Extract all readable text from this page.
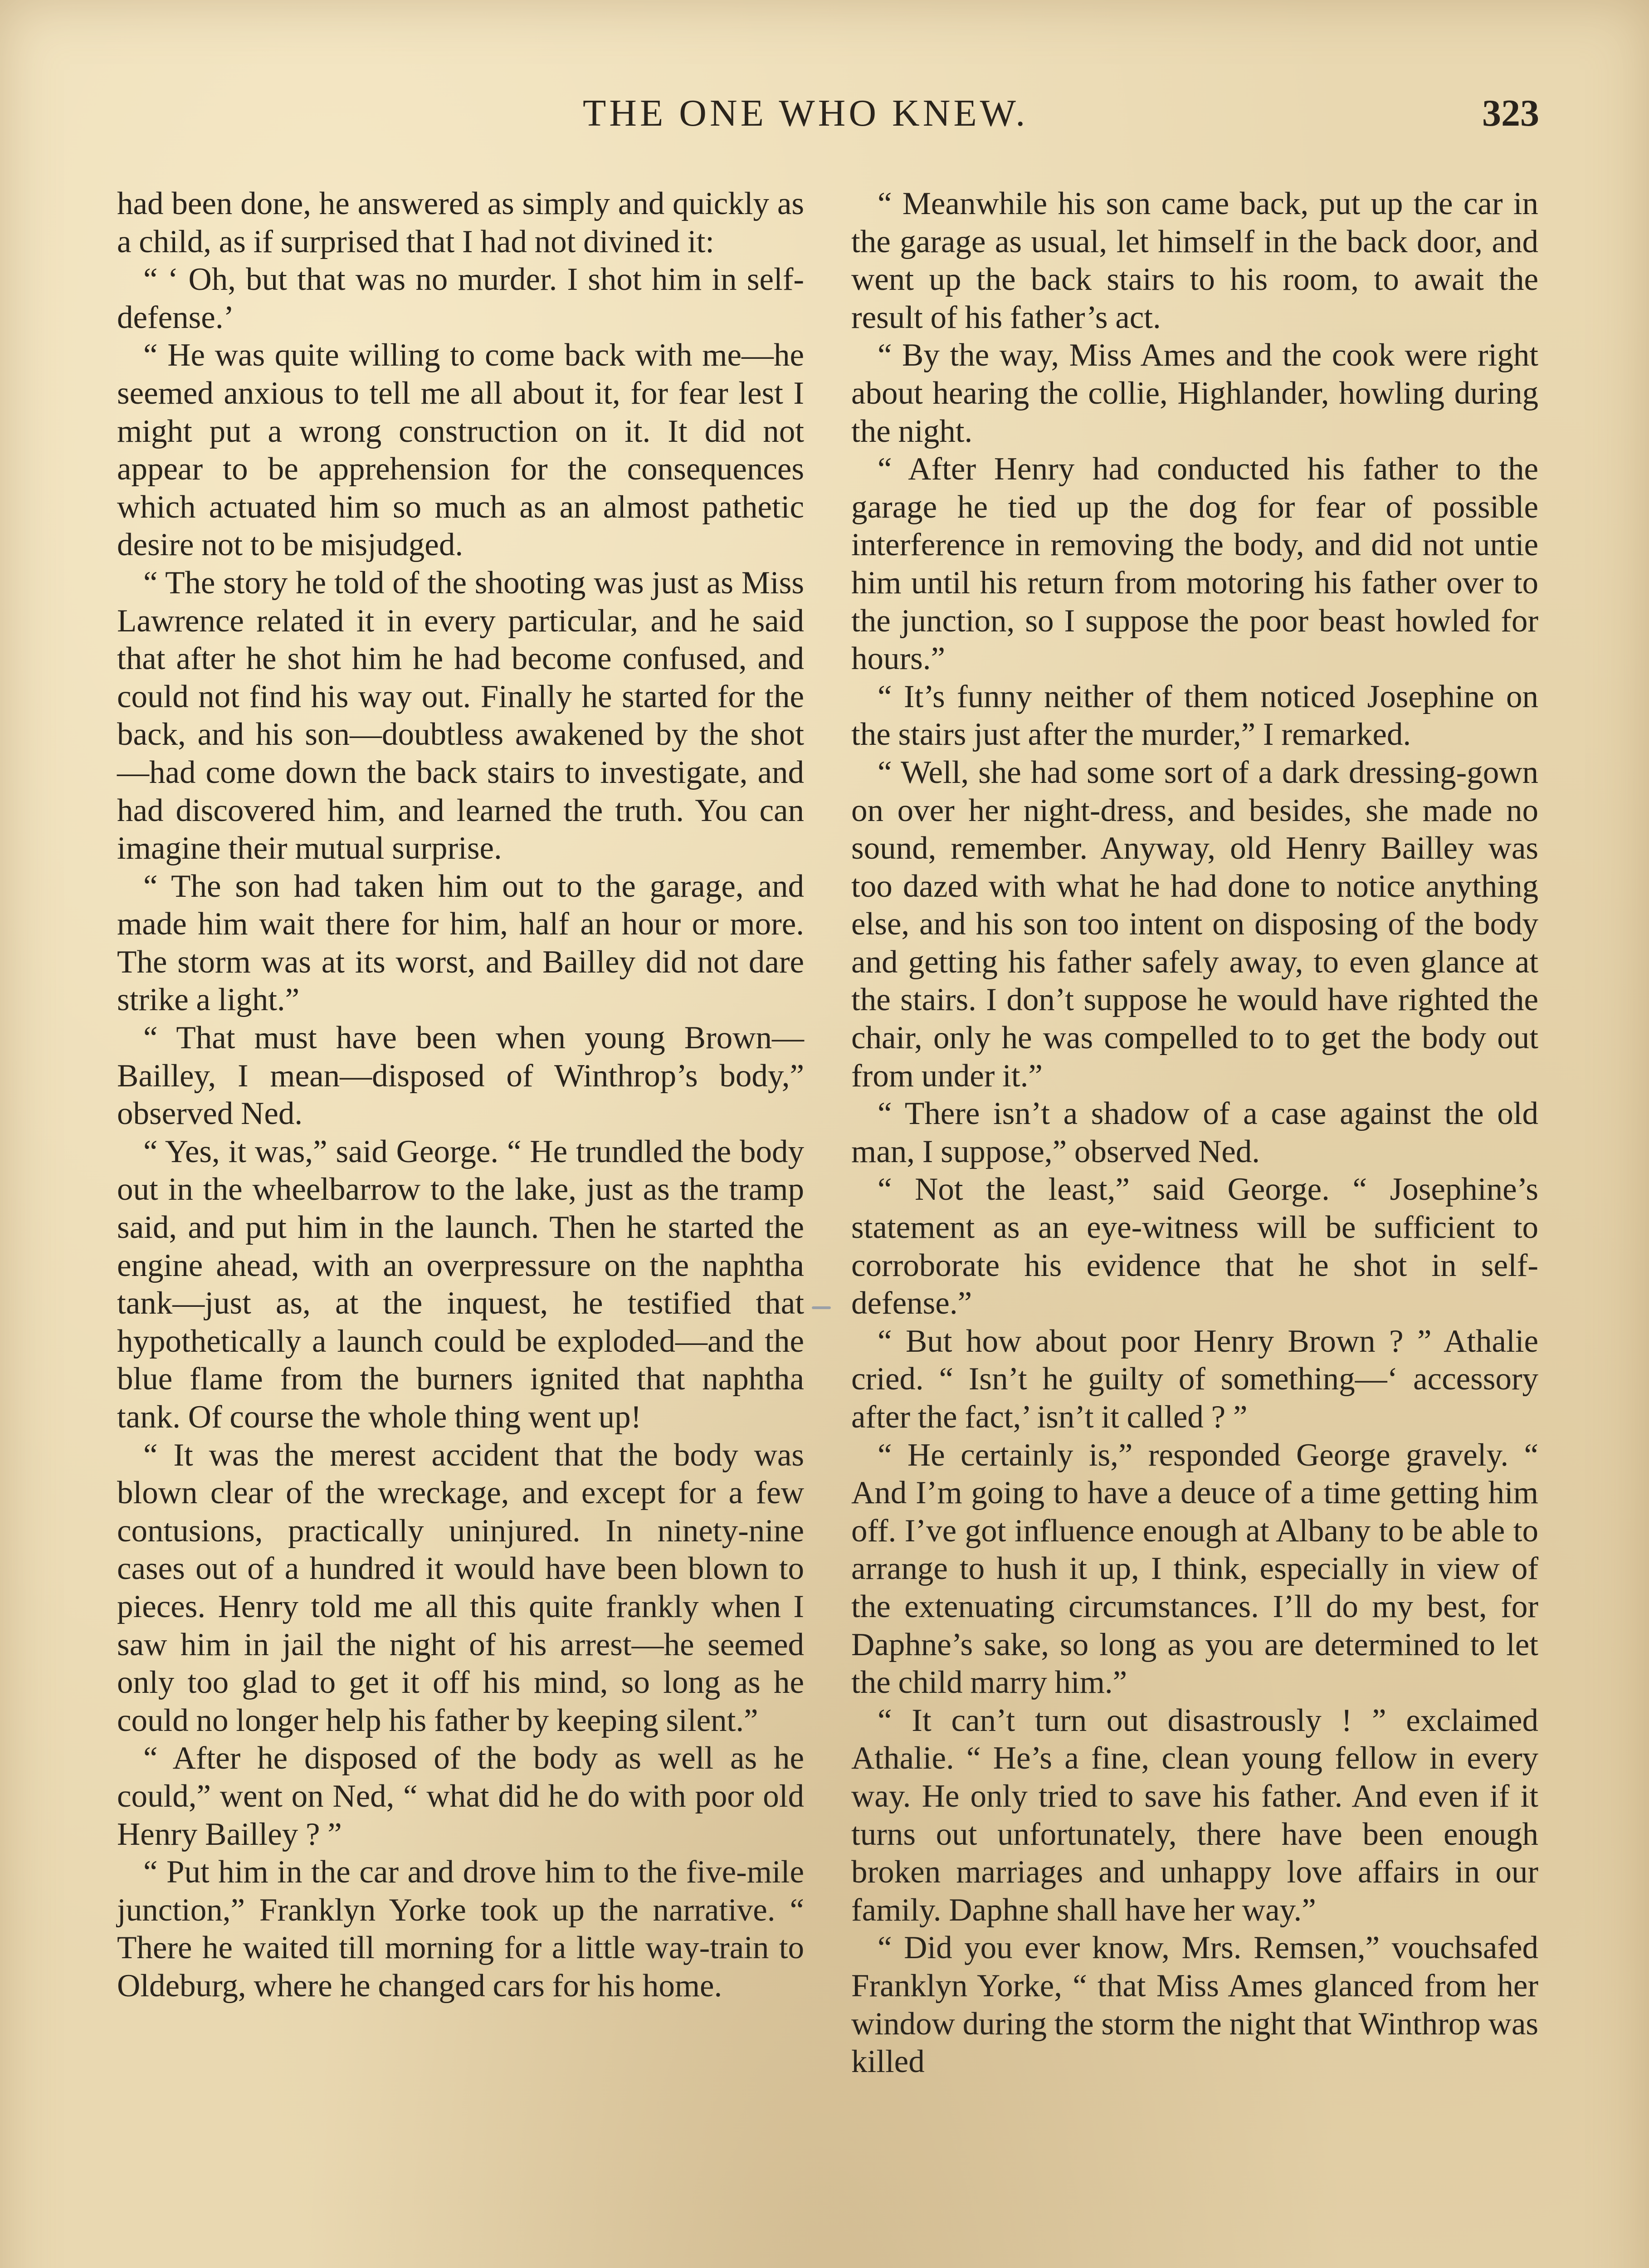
THE ONE WHO KNEW.	323

had been done, he answered as simply and quickly as a child, as if surprised that I had not divined it:

“ ‘ Oh, but that was no murder. I shot him in self-defense.’

“ He was quite willing to come back with me—he seemed anxious to tell me all about it, for fear lest I might put a wrong construction on it. It did not appear to be apprehension for the consequences which actuated him so much as an almost pathetic desire not to be misjudged.

“ The story he told of the shooting was just as Miss Lawrence related it in every particular, and he said that after he shot him he had become confused, and could not find his way out. Finally he started for the back, and his son—doubtless awakened by the shot—had come down the back stairs to investigate, and had discovered him, and learned the truth. You can imagine their mutual surprise.

“ The son had taken him out to the garage, and made him wait there for him, half an hour or more. The storm was at its worst, and Bailley did not dare strike a light.”

“ That must have been when young Brown—Bailley, I mean—disposed of Winthrop’s body,” observed Ned.

“ Yes, it was,” said George. “ He trundled the body out in the wheelbarrow to the lake, just as the tramp said, and put him in the launch. Then he started the engine ahead, with an overpressure on the naphtha tank—just as, at the inquest, he testified that hypothetically a launch could be exploded—and the blue flame from the burners ignited that naphtha tank. Of course the whole thing went up!

“ It was the merest accident that the body was blown clear of the wreckage, and except for a few contusions, practically uninjured. In ninety-nine cases out of a hundred it would have been blown to pieces. Henry told me all this quite frankly when I saw him in jail the night of his arrest—he seemed only too glad to get it off his mind, so long as he could no longer help his father by keeping silent.”

“ After he disposed of the body as well as he could,” went on Ned, “ what did he do with poor old Henry Bailley ? ”

“ Put him in the car and drove him to the five-mile junction,” Franklyn Yorke took up the narrative. “ There he waited till morning for a little way-train to Oldeburg, where he changed cars for his home.

“ Meanwhile his son came back, put up the car in the garage as usual, let himself in the back door, and went up the back stairs to his room, to await the result of his father’s act.

“ By the way, Miss Ames and the cook were right about hearing the collie, Highlander, howling during the night.

“ After Henry had conducted his father to the garage he tied up the dog for fear of possible interference in removing the body, and did not untie him until his return from motoring his father over to the junction, so I suppose the poor beast howled for hours.”

“ It’s funny neither of them noticed Josephine on the stairs just after the murder,” I remarked.

“ Well, she had some sort of a dark dressing-gown on over her night-dress, and besides, she made no sound, remember. Anyway, old Henry Bailley was too dazed with what he had done to notice anything else, and his son too intent on disposing of the body and getting his father safely away, to even glance at the stairs. I don’t suppose he would have righted the chair, only he was compelled to to get the body out from under it.”

“ There isn’t a shadow of a case against the old man, I suppose,” observed Ned.

“ Not the least,” said George. “ Josephine’s statement as an eye-witness will be sufficient to corroborate his evidence that he shot in self-defense.”

“ But how about poor Henry Brown ? ” Athalie cried. “ Isn’t he guilty of something—‘ accessory after the fact,’ isn’t it called ? ”

“ He certainly is,” responded George gravely. “ And I’m going to have a deuce of a time getting him off. I’ve got influence enough at Albany to be able to arrange to hush it up, I think, especially in view of the extenuating circumstances. I’ll do my best, for Daphne’s sake, so long as you are determined to let the child marry him.”

“ It can’t turn out disastrously ! ” exclaimed Athalie. “ He’s a fine, clean young fellow in every way. He only tried to save his father. And even if it turns out unfortunately, there have been enough broken marriages and unhappy love affairs in our family. Daphne shall have her way.”

“ Did you ever know, Mrs. Remsen,” vouchsafed Franklyn Yorke, “ that Miss Ames glanced from her window during the storm the night that Winthrop was killed
